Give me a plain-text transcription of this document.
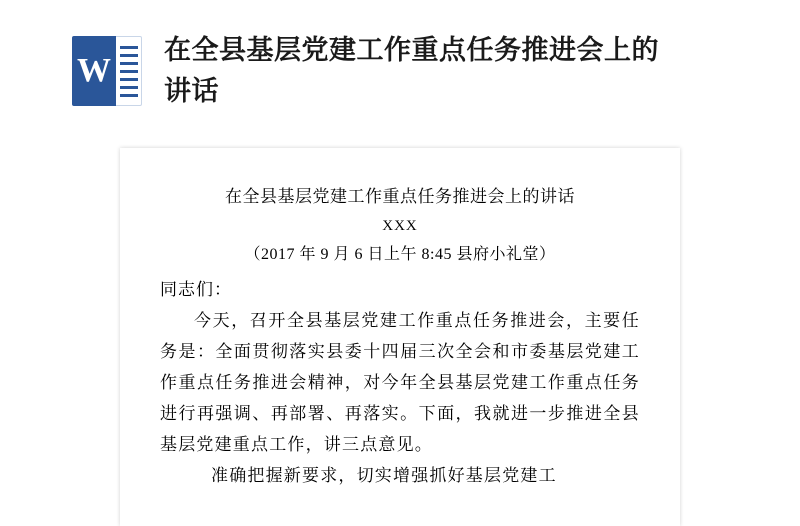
W
在全县基层党建工作重点任务推进会上的讲话
在全县基层党建工作重点任务推进会上的讲话
XXX
（2017 年 9 月 6 日上午 8:45 县府小礼堂）
同志们：
今天，召开全县基层党建工作重点任务推进会，主要任务是：全面贯彻落实县委十四届三次全会和市委基层党建工作重点任务推进会精神，对今年全县基层党建工作重点任务进行再强调、再部署、再落实。下面，我就进一步推进全县基层党建重点工作，讲三点意见。
准确把握新要求，切实增强抓好基层党建工
